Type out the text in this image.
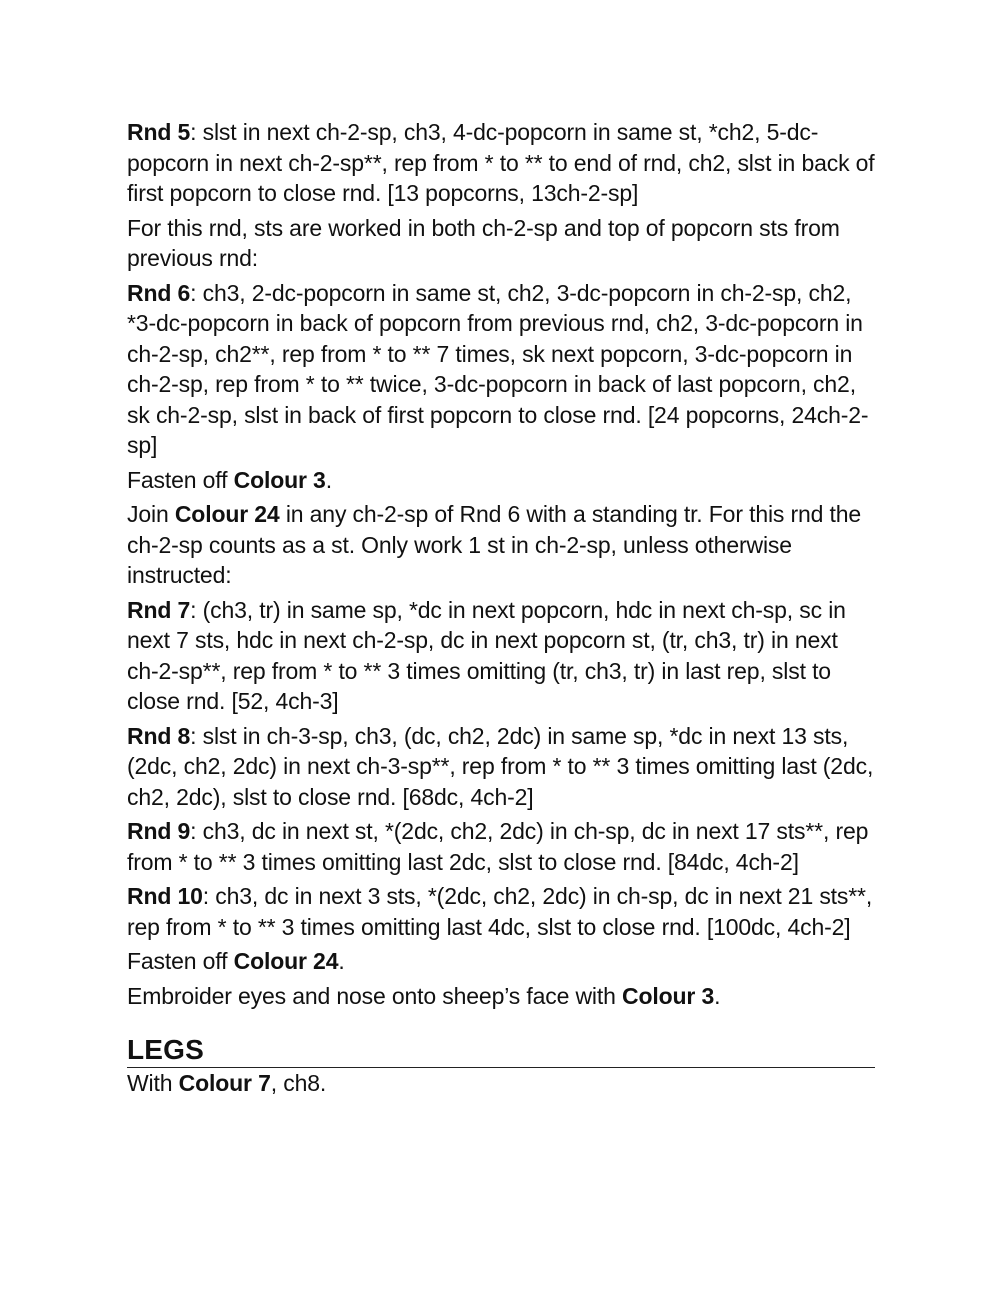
Rnd 5: slst in next ch-2-sp, ch3, 4-dc-popcorn in same st, *ch2, 5-dc-popcorn in next ch-2-sp**, rep from * to ** to end of rnd, ch2, slst in back of first popcorn to close rnd. [13 popcorns, 13ch-2-sp]
For this rnd, sts are worked in both ch-2-sp and top of popcorn sts from previous rnd:
Rnd 6: ch3, 2-dc-popcorn in same st, ch2, 3-dc-popcorn in ch-2-sp, ch2, *3-dc-popcorn in back of popcorn from previous rnd, ch2, 3-dc-popcorn in ch-2-sp, ch2**, rep from * to ** 7 times, sk next popcorn, 3-dc-popcorn in ch-2-sp, rep from * to ** twice, 3-dc-popcorn in back of last popcorn, ch2, sk ch-2-sp, slst in back of first popcorn to close rnd. [24 popcorns, 24ch-2-sp]
Fasten off Colour 3.
Join Colour 24 in any ch-2-sp of Rnd 6 with a standing tr. For this rnd the ch-2-sp counts as a st. Only work 1 st in ch-2-sp, unless otherwise instructed:
Rnd 7: (ch3, tr) in same sp, *dc in next popcorn, hdc in next ch-sp, sc in next 7 sts, hdc in next ch-2-sp, dc in next popcorn st, (tr, ch3, tr) in next ch-2-sp**, rep from * to ** 3 times omitting (tr, ch3, tr) in last rep, slst to close rnd. [52, 4ch-3]
Rnd 8: slst in ch-3-sp, ch3, (dc, ch2, 2dc) in same sp, *dc in next 13 sts, (2dc, ch2, 2dc) in next ch-3-sp**, rep from * to ** 3 times omitting last (2dc, ch2, 2dc), slst to close rnd. [68dc, 4ch-2]
Rnd 9: ch3, dc in next st, *(2dc, ch2, 2dc) in ch-sp, dc in next 17 sts**, rep from * to ** 3 times omitting last 2dc, slst to close rnd. [84dc, 4ch-2]
Rnd 10: ch3, dc in next 3 sts, *(2dc, ch2, 2dc) in ch-sp, dc in next 21 sts**, rep from * to ** 3 times omitting last 4dc, slst to close rnd. [100dc, 4ch-2]
Fasten off Colour 24.
Embroider eyes and nose onto sheep’s face with Colour 3.
LEGS
With Colour 7, ch8.
